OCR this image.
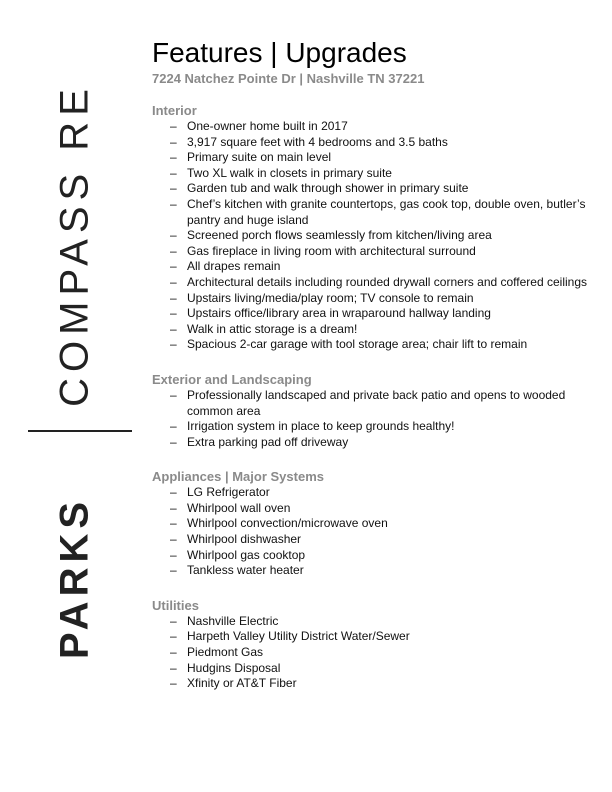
COMPASS RE
PARKS
Features | Upgrades

7224 Natchez Pointe Dr | Nashville TN 37221

Interior
– One-owner home built in 2017
– 3,917 square feet with 4 bedrooms and 3.5 baths
– Primary suite on main level
– Two XL walk in closets in primary suite
– Garden tub and walk through shower in primary suite
– Chef’s kitchen with granite countertops, gas cook top, double oven, butler’s pantry and huge island
– Screened porch flows seamlessly from kitchen/living area
– Gas fireplace in living room with architectural surround
– All drapes remain
– Architectural details including rounded drywall corners and coffered ceilings
– Upstairs living/media/play room; TV console to remain
– Upstairs office/library area in wraparound hallway landing
– Walk in attic storage is a dream!
– Spacious 2-car garage with tool storage area; chair lift to remain
Exterior and Landscaping
– Professionally landscaped and private back patio and opens to wooded common area
– Irrigation system in place to keep grounds healthy!
– Extra parking pad off driveway
Appliances | Major Systems
– LG Refrigerator
– Whirlpool wall oven
– Whirlpool convection/microwave oven
– Whirlpool dishwasher
– Whirlpool gas cooktop
– Tankless water heater
Utilities
– Nashville Electric
– Harpeth Valley Utility District Water/Sewer
– Piedmont Gas
– Hudgins Disposal
– Xfinity or AT&T Fiber
